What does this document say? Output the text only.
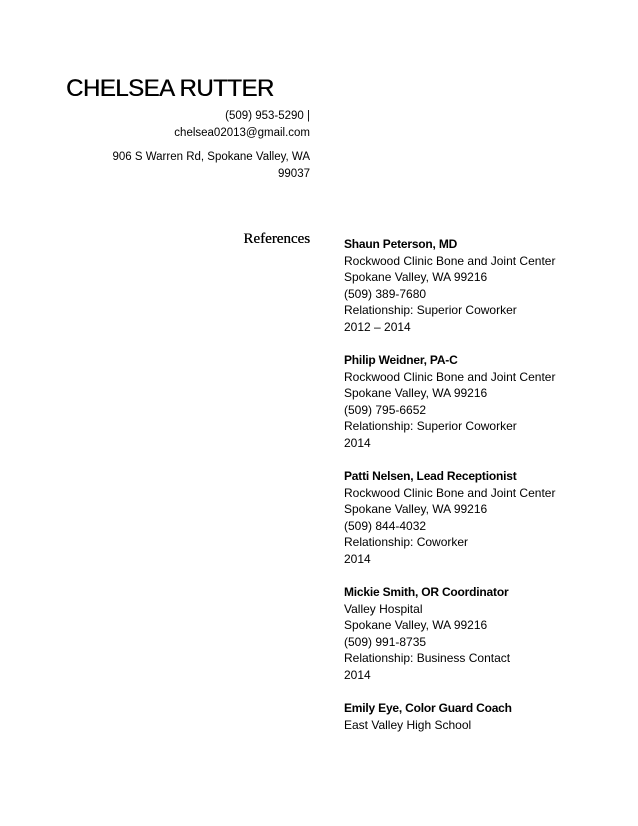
CHELSEA RUTTER
(509) 953-5290 |
chelsea02013@gmail.com
906 S Warren Rd, Spokane Valley, WA
99037
References	Shaun Peterson, MD
Rockwood Clinic Bone and Joint Center
Spokane Valley, WA 99216
(509) 389-7680
Relationship: Superior Coworker
2012 – 2014
Philip Weidner, PA-C
Rockwood Clinic Bone and Joint Center
Spokane Valley, WA 99216
(509) 795-6652
Relationship: Superior Coworker
2014
Patti Nelsen, Lead Receptionist
Rockwood Clinic Bone and Joint Center
Spokane Valley, WA 99216
(509) 844-4032
Relationship: Coworker
2014
Mickie Smith, OR Coordinator
Valley Hospital
Spokane Valley, WA 99216
(509) 991-8735
Relationship: Business Contact
2014
Emily Eye, Color Guard Coach
East Valley High School
